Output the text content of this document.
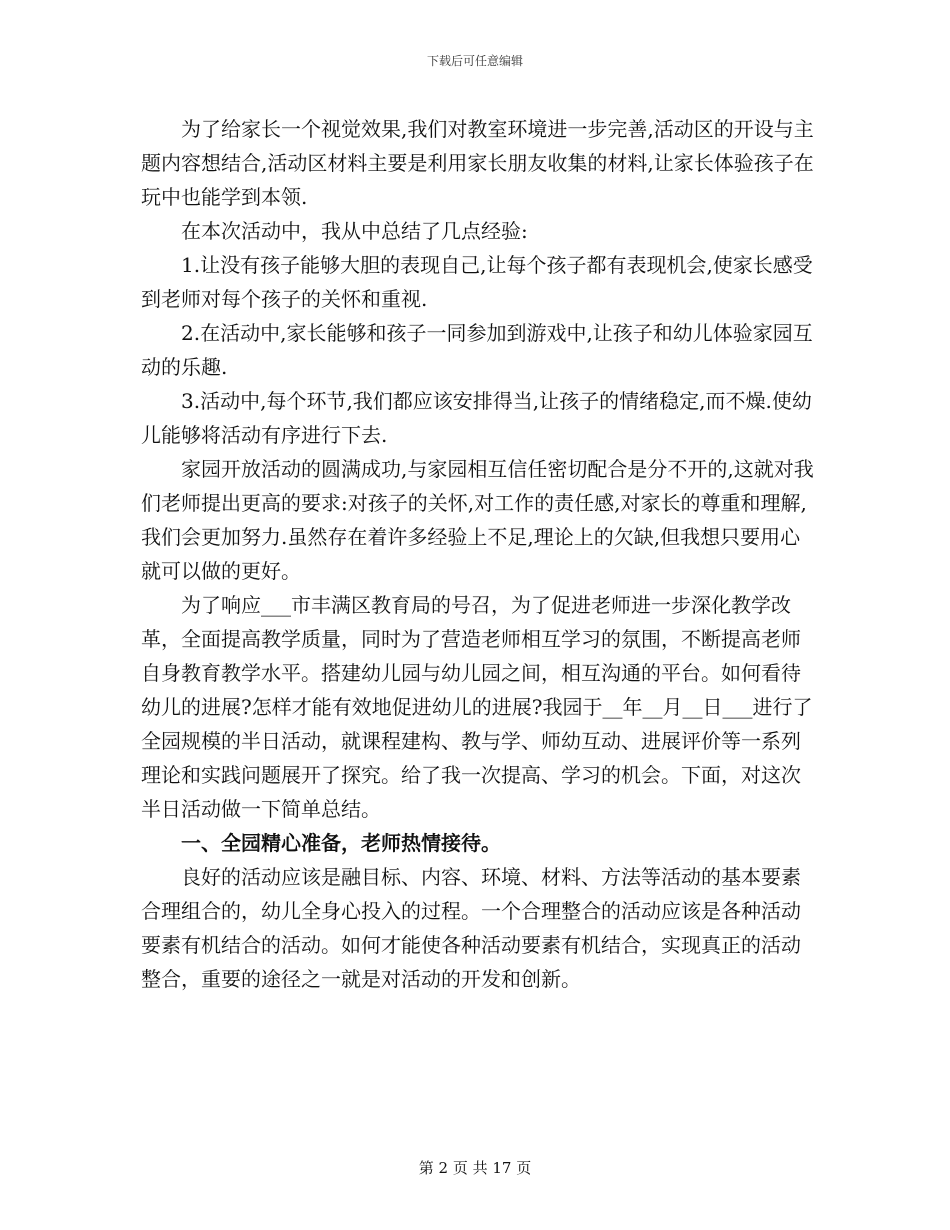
下载后可任意编辑

为了给家长一个视觉效果,我们对教室环境进一步完善,活动区的开设与主题内容想结合,活动区材料主要是利用家长朋友收集的材料,让家长体验孩子在玩中也能学到本领.

在本次活动中，我从中总结了几点经验:

1.让没有孩子能够大胆的表现自己,让每个孩子都有表现机会,使家长感受到老师对每个孩子的关怀和重视.

2.在活动中,家长能够和孩子一同参加到游戏中,让孩子和幼儿体验家园互动的乐趣.

3.活动中,每个环节,我们都应该安排得当,让孩子的情绪稳定,而不燥.使幼儿能够将活动有序进行下去.

家园开放活动的圆满成功,与家园相互信任密切配合是分不开的,这就对我们老师提出更高的要求:对孩子的关怀,对工作的责任感,对家长的尊重和理解,我们会更加努力.虽然存在着许多经验上不足,理论上的欠缺,但我想只要用心就可以做的更好。

为了响应___市丰满区教育局的号召，为了促进老师进一步深化教学改革，全面提高教学质量，同时为了营造老师相互学习的氛围，不断提高老师自身教育教学水平。搭建幼儿园与幼儿园之间，相互沟通的平台。如何看待幼儿的进展?怎样才能有效地促进幼儿的进展?我园于__年__月__日___进行了全园规模的半日活动，就课程建构、教与学、师幼互动、进展评价等一系列理论和实践问题展开了探究。给了我一次提高、学习的机会。下面，对这次半日活动做一下简单总结。

一、全园精心准备，老师热情接待。

良好的活动应该是融目标、内容、环境、材料、方法等活动的基本要素合理组合的，幼儿全身心投入的过程。一个合理整合的活动应该是各种活动要素有机结合的活动。如何才能使各种活动要素有机结合，实现真正的活动整合，重要的途径之一就是对活动的开发和创新。

第 2 页 共 17 页
